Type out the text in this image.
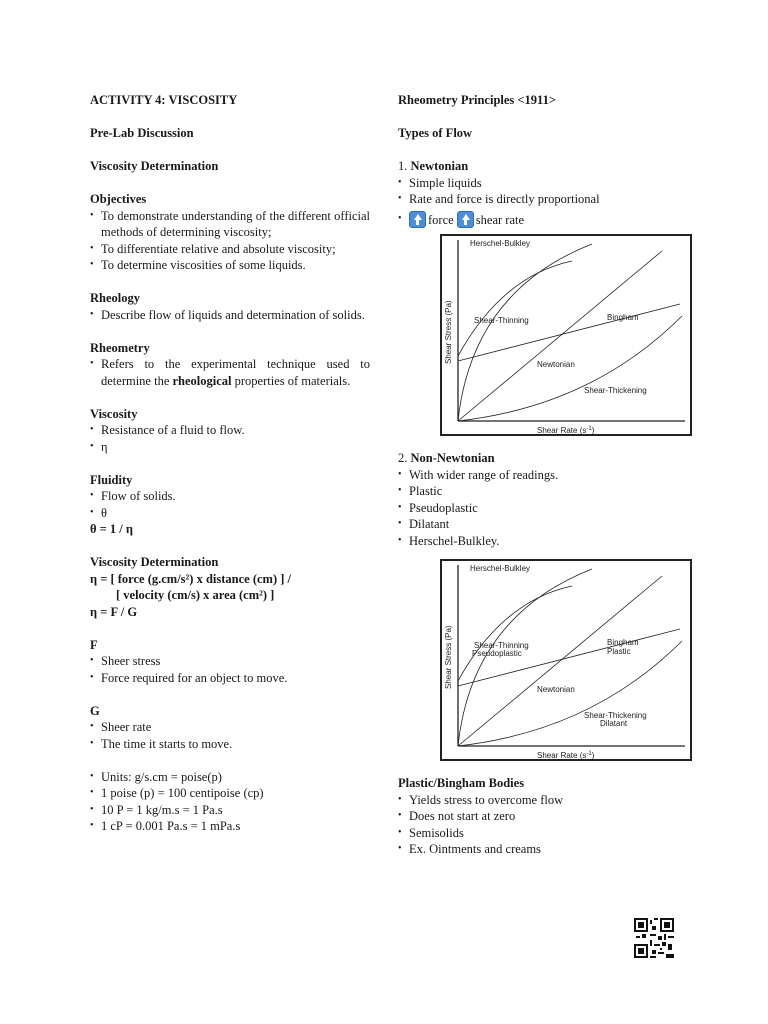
ACTIVITY 4: VISCOSITY
Pre-Lab Discussion
Viscosity Determination
Objectives
• To demonstrate understanding of the different official methods of determining viscosity;
• To differentiate relative and absolute viscosity;
• To determine viscosities of some liquids.
Rheology
• Describe flow of liquids and determination of solids.
Rheometry
• Refers to the experimental technique used to determine the rheological properties of materials.
Viscosity
• Resistance of a fluid to flow.
• η
Fluidity
• Flow of solids.
• θ
θ = 1 / η
Viscosity Determination
η = [ force (g.cm/s²) x distance (cm) ] /
[ velocity (cm/s) x area (cm²) ]
η = F / G
F
• Sheer stress
• Force required for an object to move.
G
• Sheer rate
• The time it starts to move.
• Units: g/s.cm = poise(p)
• 1 poise (p) = 100 centipoise (cp)
• 10 P = 1 kg/m.s = 1 Pa.s
• 1 cP = 0.001 Pa.s = 1 mPa.s
Rheometry Principles <1911>
Types of Flow
1. Newtonian
• Simple liquids
• Rate and force is directly proportional
• force shear rate
Herschel-Bulkley
Shear-Thinning	Bingham
Newtonian
Shear-Thickening
Shear Stress (Pa)
Shear Rate $(s^{-1})$
2. Non-Newtonian
• With wider range of readings.
• Plastic
• Pseudoplastic
• Dilatant
• Herschel-Bulkley.
Herschel-Bulkley
Shear-Thinning
Pseudoplastic
Bingham
Plastic
Newtonian
Shear-Thickening
Dilatant
Shear Stress (Pa)
Shear Rate $(s^{-1})$
Plastic/Bingham Bodies
• Yields stress to overcome flow
• Does not start at zero
• Semisolids
• Ex. Ointments and creams
